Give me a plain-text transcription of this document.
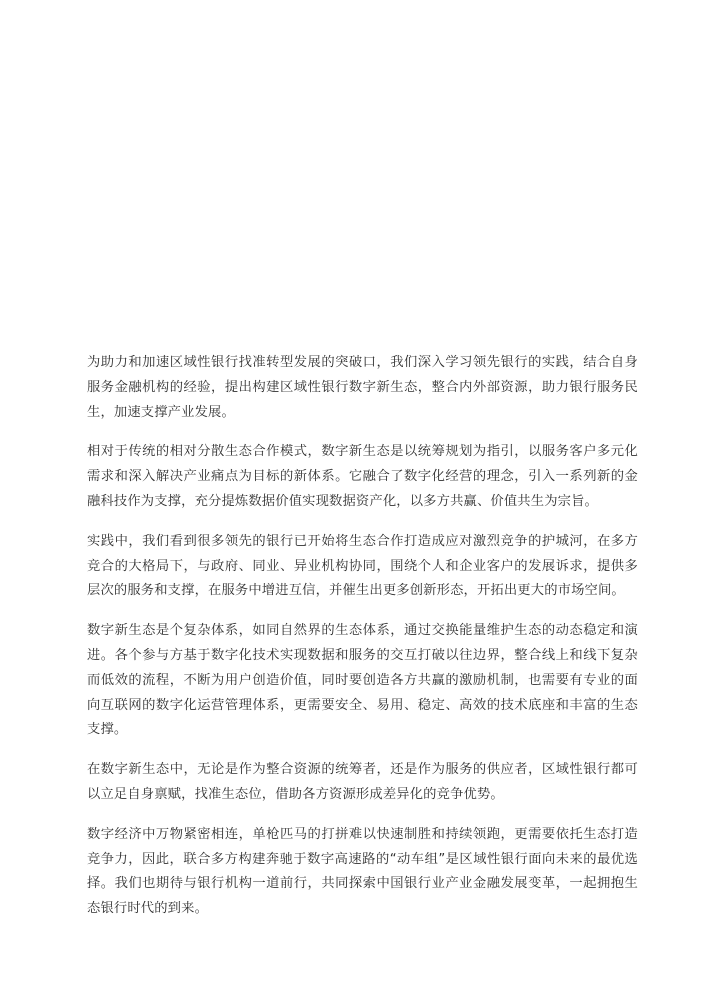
为助力和加速区域性银行找准转型发展的突破口，我们深入学习领先银行的实践，结合自身服务金融机构的经验，提出构建区域性银行数字新生态，整合内外部资源，助力银行服务民生，加速支撑产业发展。

相对于传统的相对分散生态合作模式，数字新生态是以统筹规划为指引，以服务客户多元化需求和深入解决产业痛点为目标的新体系。它融合了数字化经营的理念，引入一系列新的金融科技作为支撑，充分提炼数据价值实现数据资产化，以多方共赢、价值共生为宗旨。

实践中，我们看到很多领先的银行已开始将生态合作打造成应对激烈竞争的护城河，在多方竞合的大格局下，与政府、同业、异业机构协同，围绕个人和企业客户的发展诉求，提供多层次的服务和支撑，在服务中增进互信，并催生出更多创新形态，开拓出更大的市场空间。

数字新生态是个复杂体系，如同自然界的生态体系，通过交换能量维护生态的动态稳定和演进。各个参与方基于数字化技术实现数据和服务的交互打破以往边界，整合线上和线下复杂而低效的流程，不断为用户创造价值，同时要创造各方共赢的激励机制，也需要有专业的面向互联网的数字化运营管理体系，更需要安全、易用、稳定、高效的技术底座和丰富的生态支撑。

在数字新生态中，无论是作为整合资源的统筹者，还是作为服务的供应者，区域性银行都可以立足自身禀赋，找准生态位，借助各方资源形成差异化的竞争优势。

数字经济中万物紧密相连，单枪匹马的打拼难以快速制胜和持续领跑，更需要依托生态打造竞争力，因此，联合多方构建奔驰于数字高速路的“动车组”是区域性银行面向未来的最优选择。我们也期待与银行机构一道前行，共同探索中国银行业产业金融发展变革，一起拥抱生态银行时代的到来。
